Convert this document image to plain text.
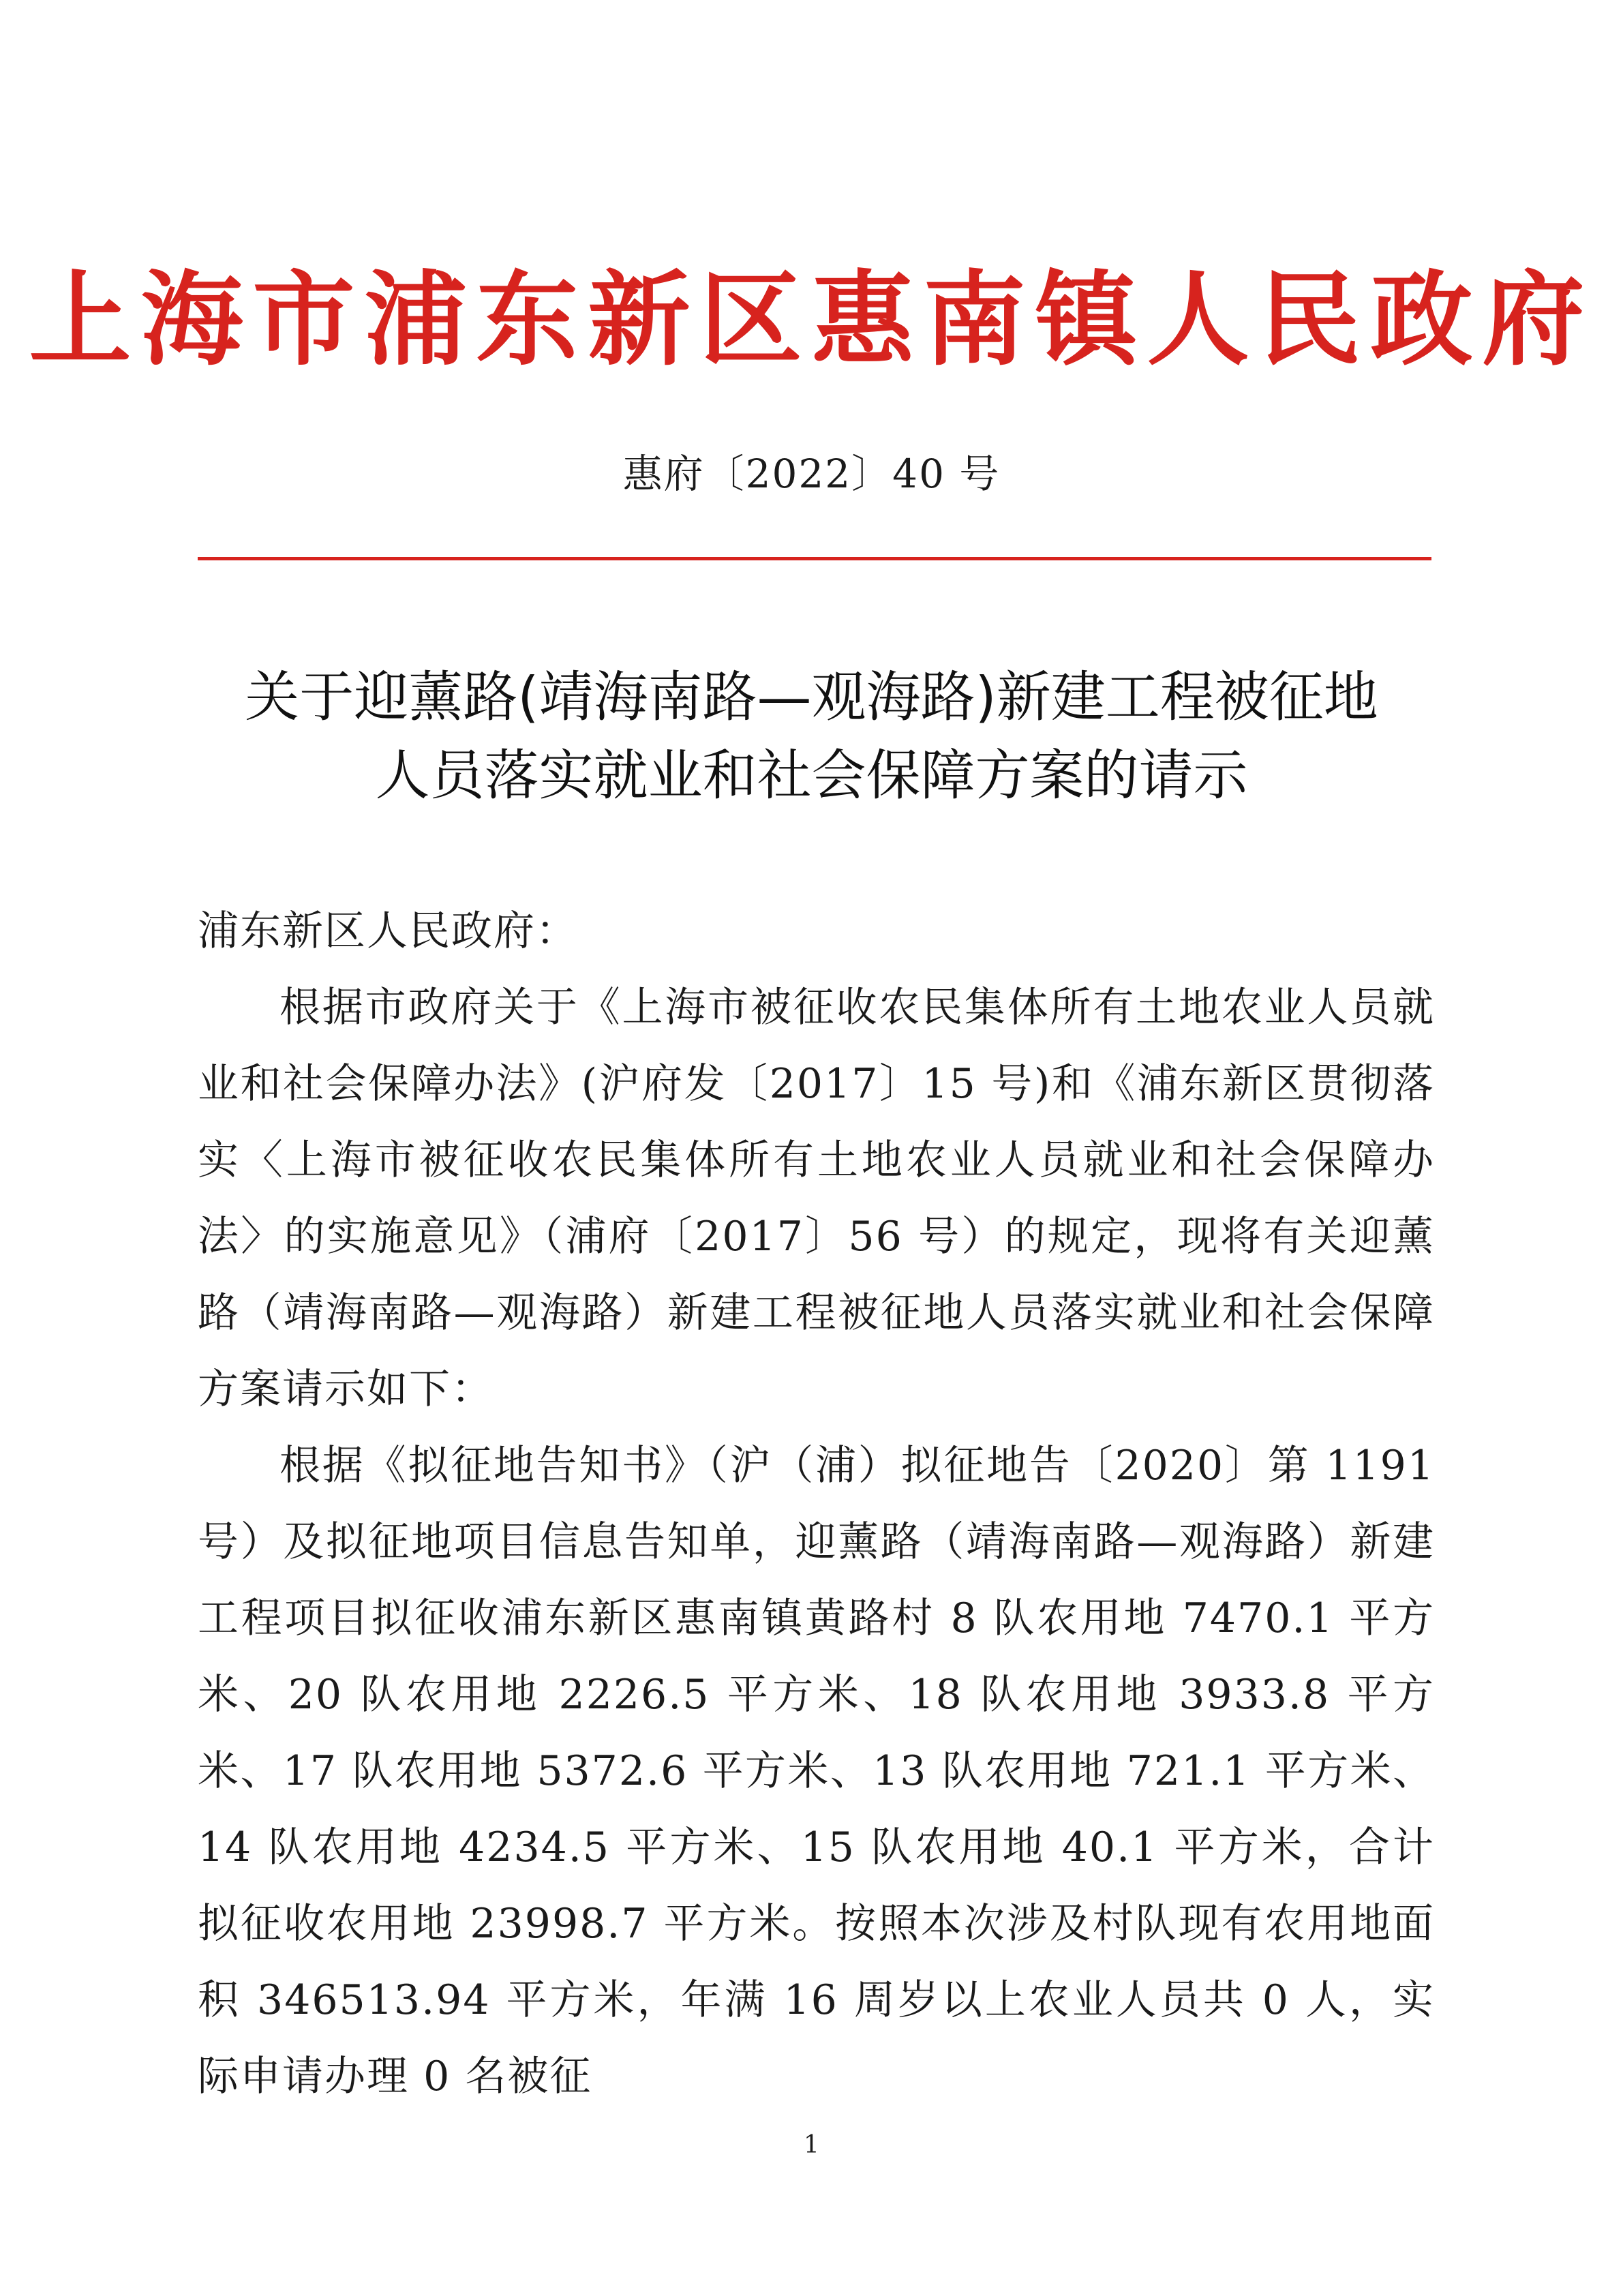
上海市浦东新区惠南镇人民政府
惠府〔2022〕40 号
关于迎薰路(靖海南路—观海路)新建工程被征地
人员落实就业和社会保障方案的请示

浦东新区人民政府：

根据市政府关于《上海市被征收农民集体所有土地农业人员就业和社会保障办法》(沪府发〔2017〕15 号)和《浦东新区贯彻落实〈上海市被征收农民集体所有土地农业人员就业和社会保障办法〉的实施意见》（浦府〔2017〕56 号）的规定，现将有关迎薰路（靖海南路—观海路）新建工程被征地人员落实就业和社会保障方案请示如下：

根据《拟征地告知书》（沪（浦）拟征地告〔2020〕第 1191 号）及拟征地项目信息告知单，迎薰路（靖海南路—观海路）新建工程项目拟征收浦东新区惠南镇黄路村 8 队农用地 7470.1 平方米、20 队农用地 2226.5 平方米、18 队农用地 3933.8 平方米、17 队农用地 5372.6 平方米、13 队农用地 721.1 平方米、14 队农用地 4234.5 平方米、15 队农用地 40.1 平方米，合计拟征收农用地 23998.7 平方米。按照本次涉及村队现有农用地面积 346513.94 平方米，年满 16 周岁以上农业人员共 0 人，实际申请办理 0 名被征

1
